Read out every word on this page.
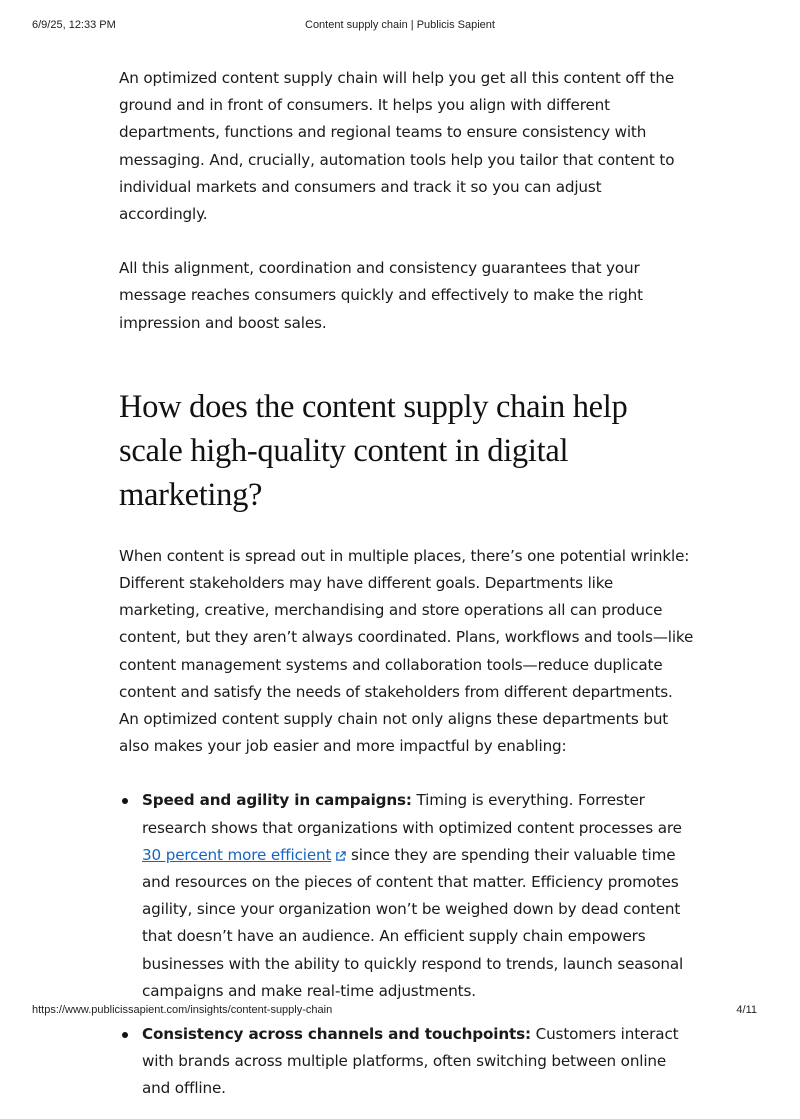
6/9/25, 12:33 PM	Content supply chain | Publicis Sapient

An optimized content supply chain will help you get all this content off the ground and in front of consumers. It helps you align with different departments, functions and regional teams to ensure consistency with messaging. And, crucially, automation tools help you tailor that content to individual markets and consumers and track it so you can adjust accordingly.

All this alignment, coordination and consistency guarantees that your message reaches consumers quickly and effectively to make the right impression and boost sales.

How does the content supply chain help scale high-quality content in digital marketing?

When content is spread out in multiple places, there’s one potential wrinkle: Different stakeholders may have different goals. Departments like marketing, creative, merchandising and store operations all can produce content, but they aren’t always coordinated. Plans, workflows and tools—like content management systems and collaboration tools—reduce duplicate content and satisfy the needs of stakeholders from different departments. An optimized content supply chain not only aligns these departments but also makes your job easier and more impactful by enabling:

Speed and agility in campaigns: Timing is everything. Forrester research shows that organizations with optimized content processes are 30 percent more efficient since they are spending their valuable time and resources on the pieces of content that matter. Efficiency promotes agility, since your organization won’t be weighed down by dead content that doesn’t have an audience. An efficient supply chain empowers businesses with the ability to quickly respond to trends, launch seasonal campaigns and make real-time adjustments.
Consistency across channels and touchpoints: Customers interact with brands across multiple platforms, often switching between online and offline.
https://www.publicissapient.com/insights/content-supply-chain	4/11
